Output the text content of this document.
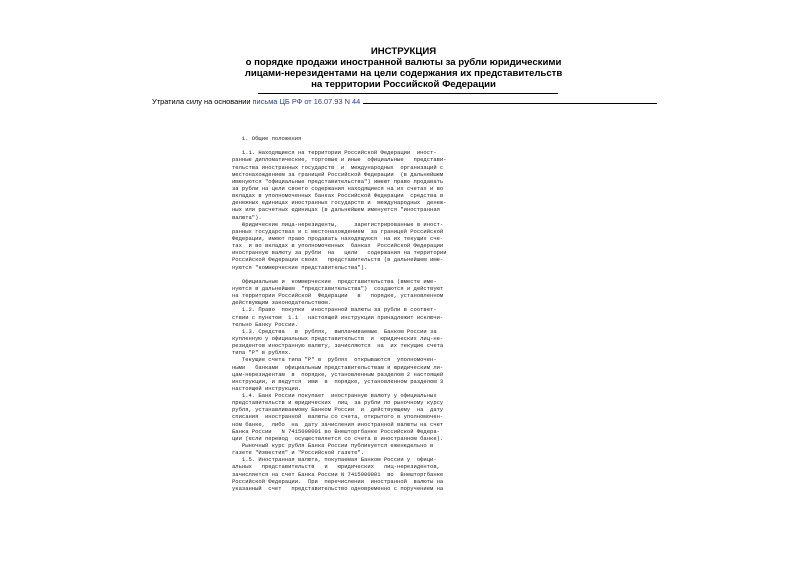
ИНСТРУКЦИЯ
о порядке продажи иностранной валюты за рубли юридическими
лицами-нерезидентами на цели содержания их представительств
на территории Российской Федерации
Утратила силу на основании письма ЦБ РФ от 16.07.93 N 44
1. Общие положения
1.1. Находящиеся на территории Российской Федерации  иност-
ранные дипломатические, торговые и иные  официальные   представи-
тельства иностранных государств  и  международных  организаций с
местонахождением за границей Российской Федерации  (в дальнейшем
именуются "официальные представительства") имеют право продавать
за рубли на цели своего содержания находящиеся на их счетах и во
вкладах в уполномоченных банках Российской Федерации  средства в
денежных единицах иностранных государств и  международных  денеж-
ных или расчетных единицах (в дальнейшем именуется "иностранная
валюта").
Юридические лица-нерезиденты,     зарегистрированные в иност-
ранных государствах и с местонахождением  за границей Российской
Федерации, имеют право продавать находящуюся  на их текущих сче-
тах  и во вкладах в уполномоченных  банках  Российской Федерации
иностранную валюту за рубли  на   цели   содержания на территории
Российской Федерации своих   представительств (в дальнейшем име-
нуются "коммерческие представительства").
Официальные и  коммерческие  представительства (вместе име-
нуются в дальнейшем  "представительства")  создаются и действуют
на территории Российской  Федерации   в   порядке, установленном
действующим законодательством.
1.2. Право  покупки  иностранной валюты за рубли в соответ-
ствии с пунктом  1.1   настоящей инструкции принадлежит исключи-
тельно Банку России.
1.3. Средства   в  рублях,  выплачиваемые  Банком России за
купленную у официальных представительств  и  юридических лиц-не-
резидентов иностранную валюту, зачисляются  на  их текущие счета
типа "Р" в рублях.
Текущие счета типа "Р" в  рублях  открываются  уполномочен-
ными   банками  официальным представительствам и юридическим ли-
цам-нерезидентам  в  порядке, установленным разделом 2 настоящей
инструкции, и ведутся  ими  в  порядке, установленном разделом 3
настоящей инструкции.
1.4. Банк России покупает  иностранную валюту у официальных
представительств и юридических  лиц  за рубли по рыночному курсу
рубля, устанавливаемому Банком России  и  действующему  на  дату
списания  иностранной  валюты со счета, открытого в уполномочен-
ном банке,  либо  на  дату зачисления иностранной валюты на счет
Банка России   N 7415000001 во Внешторгбанке Российской Федера-
ции (если перевод  осуществляется со счета в иностранном банке).
Рыночный курс рубля Банка России публикуется еженедельно в
газете "Известия" и "Российской газете".
1.5. Иностранная валюта, покупаемая Банком России у  офици-
альных   представительств   и   юридических   лиц-нерезидентов,
зачисляется на счет Банка России N 7415000001  во  Внешторгбанке
Российской Федерации.  При  перечислении  иностранной  валюты на
указанный  счет   представительство одновременно с поручением на
